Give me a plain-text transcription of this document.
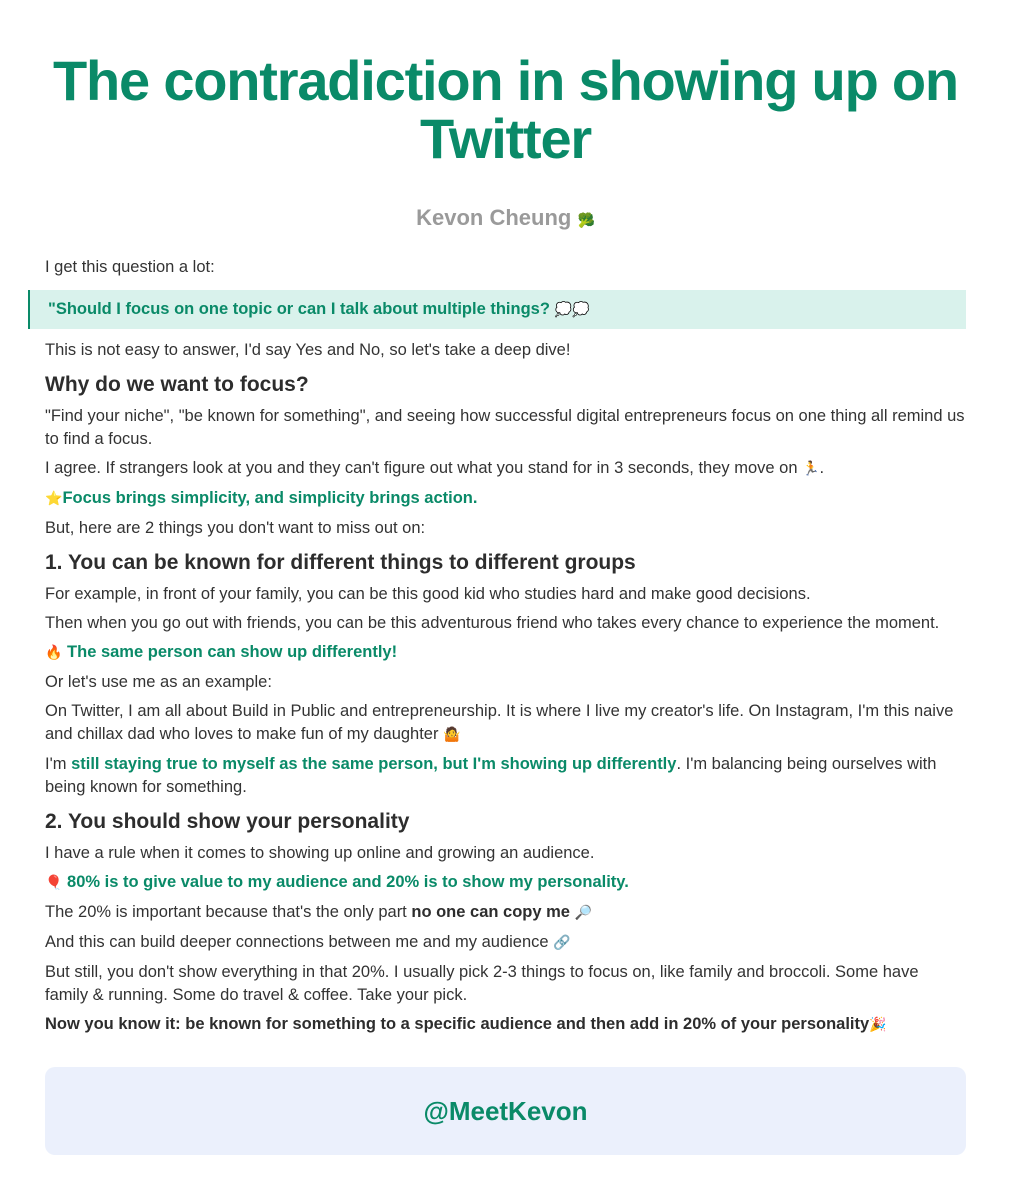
The contradiction in showing up on Twitter
Kevon Cheung 🥦

I get this question a lot:

"Should I focus on one topic or can I talk about multiple things? 💭💭

This is not easy to answer, I'd say Yes and No, so let's take a deep dive!

Why do we want to focus?

"Find your niche", "be known for something", and seeing how successful digital entrepreneurs focus on one thing all remind us to find a focus.

I agree. If strangers look at you and they can't figure out what you stand for in 3 seconds, they move on 🏃.

⭐Focus brings simplicity, and simplicity brings action.

But, here are 2 things you don't want to miss out on:

1. You can be known for different things to different groups

For example, in front of your family, you can be this good kid who studies hard and make good decisions.

Then when you go out with friends, you can be this adventurous friend who takes every chance to experience the moment.

🔥 The same person can show up differently!

Or let's use me as an example:

On Twitter, I am all about Build in Public and entrepreneurship. It is where I live my creator's life. On Instagram, I'm this naive and chillax dad who loves to make fun of my daughter 🤷

I'm still staying true to myself as the same person, but I'm showing up differently. I'm balancing being ourselves with being known for something.

2. You should show your personality

I have a rule when it comes to showing up online and growing an audience.

🎈 80% is to give value to my audience and 20% is to show my personality.

The 20% is important because that's the only part no one can copy me 🔎

And this can build deeper connections between me and my audience 🔗

But still, you don't show everything in that 20%. I usually pick 2-3 things to focus on, like family and broccoli. Some have family & running. Some do travel & coffee. Take your pick.

Now you know it: be known for something to a specific audience and then add in 20% of your personality🎉

@MeetKevon
